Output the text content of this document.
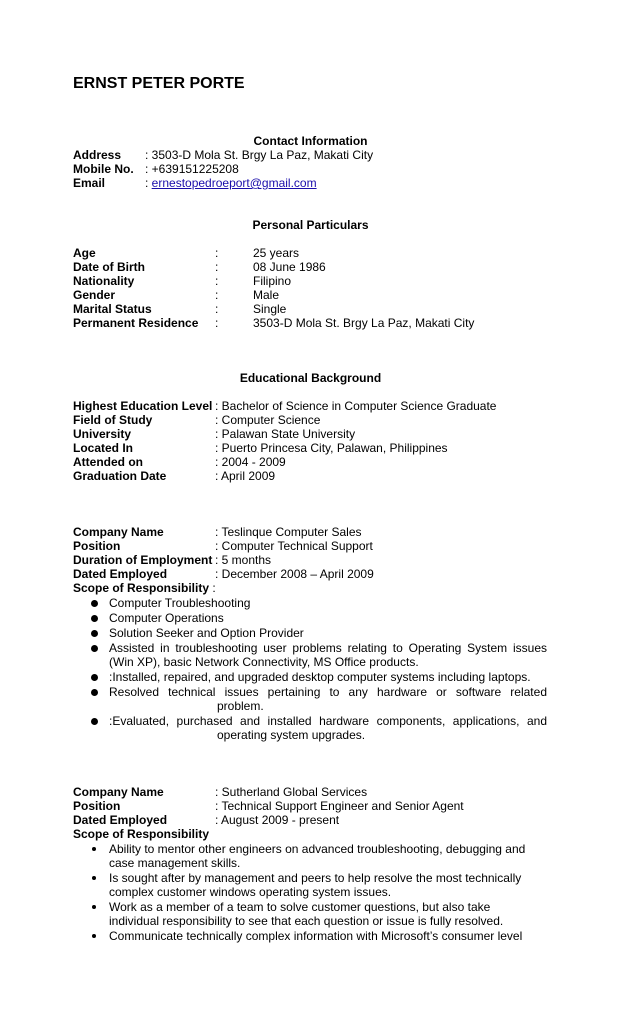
ERNST PETER PORTE
Contact Information
Address : 3503-D Mola St. Brgy La Paz, Makati City
Mobile No. : +639151225208
Email	: ernestopedroeport@gmail.com
Personal Particulars
Age	:	25 years
Date of Birth	:	08 June 1986
Nationality	:	Filipino
Gender	:	Male
Marital Status	:	Single
Permanent Residence :	3503-D Mola St. Brgy La Paz, Makati City
Educational Background
Highest Education Level : Bachelor of Science in Computer Science Graduate
Field of Study	: Computer Science
University	: Palawan State University
Located In	: Puerto Princesa City, Palawan, Philippines
Attended on	: 2004 - 2009
Graduation Date	: April 2009
Company Name	: Teslinque Computer Sales
Position	: Computer Technical Support
Duration of Employment : 5 months
Dated Employed	: December 2008 – April 2009
Scope of Responsibility :
Computer Troubleshooting
Computer Operations
Solution Seeker and Option Provider
Assisted in troubleshooting user problems relating to Operating System issues
(Win XP), basic Network Connectivity, MS Office products.
:Installed, repaired, and upgraded desktop computer systems including laptops.
Resolved technical issues pertaining to any hardware or software related
problem.
:Evaluated, purchased and installed hardware components, applications, and
operating system upgrades.
Company Name	: Sutherland Global Services
Position	: Technical Support Engineer and Senior Agent
Dated Employed	: August 2009 - present
Scope of Responsibility
Ability to mentor other engineers on advanced troubleshooting, debugging and
case management skills.
Is sought after by management and peers to help resolve the most technically
complex customer windows operating system issues.
Work as a member of a team to solve customer questions, but also take
individual responsibility to see that each question or issue is fully resolved.
Communicate technically complex information with Microsoft’s consumer level
